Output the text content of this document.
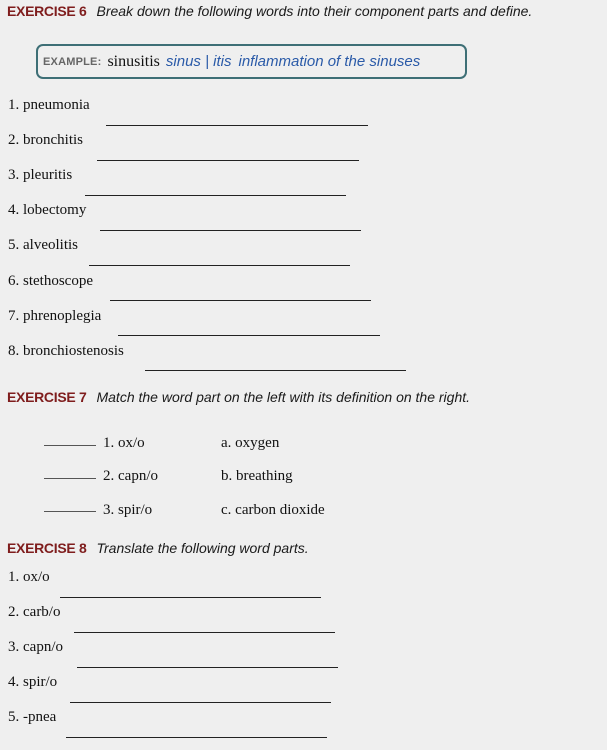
EXERCISE 6 Break down the following words into their component parts and define.
EXAMPLE: sinusitis sinus | itis inflammation of the sinuses
1. pneumonia
2. bronchitis
3. pleuritis
4. lobectomy
5. alveolitis
6. stethoscope
7. phrenoplegia
8. bronchiostenosis
EXERCISE 7 Match the word part on the left with its definition on the right.
1. ox/o	a. oxygen
2. capn/o	b. breathing
3. spir/o	c. carbon dioxide
EXERCISE 8 Translate the following word parts.
1. ox/o
2. carb/o
3. capn/o
4. spir/o
5. -pnea
